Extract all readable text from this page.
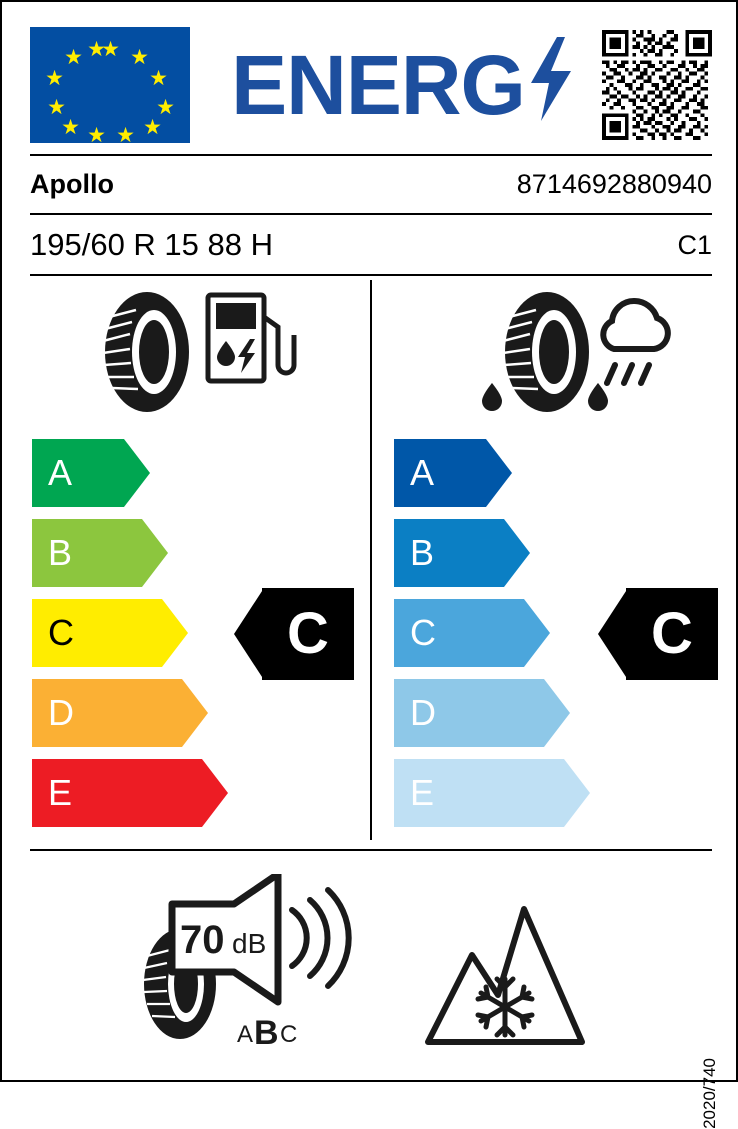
★ ★
★
★
★
★
★
★
★
★
★ ★ ENERG
Apollo	8714692880940
195/60 R 15 88 H	C1
A
B
C
D
E
A
B
C
D
E
C	C
70 dB
A B C
2020/740
